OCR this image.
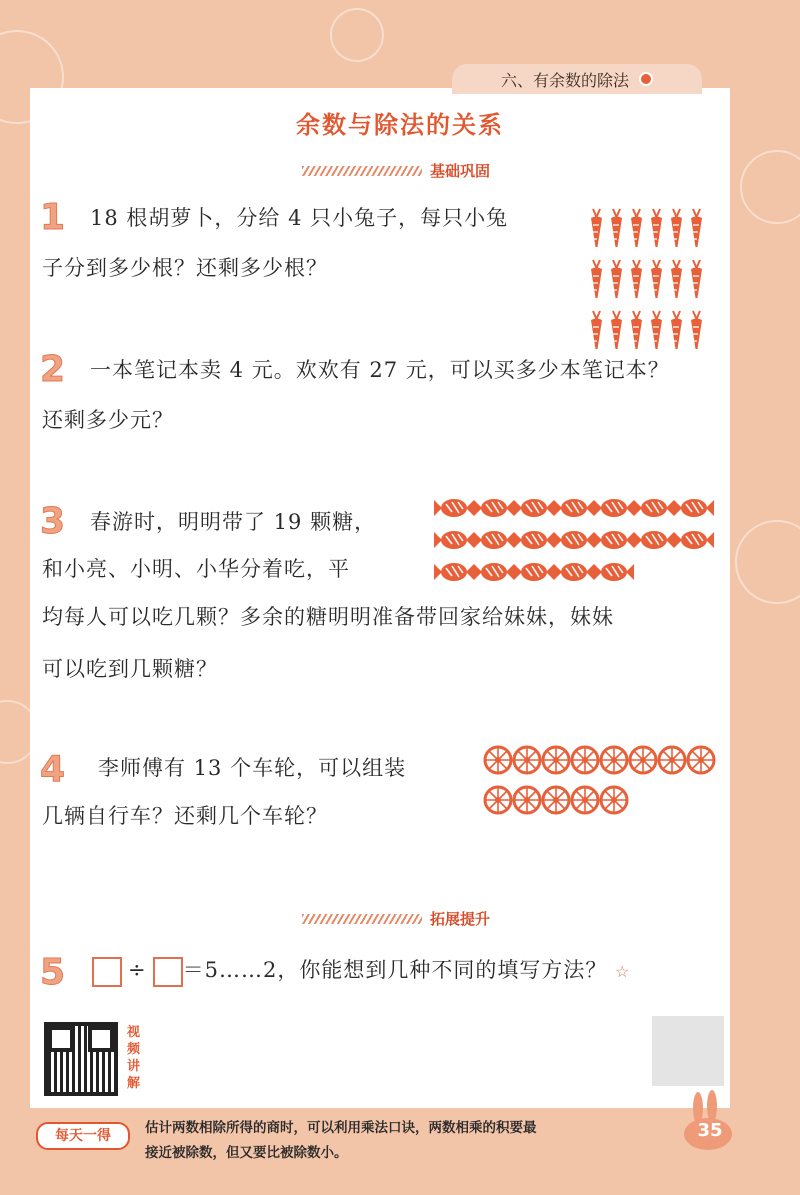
六、有余数的除法
余数与除法的关系
基础巩固
1 18 根胡萝卜，分给 4 只小兔子，每只小兔
子分到多少根？还剩多少根？
2 一本笔记本卖 4 元。欢欢有 27 元，可以买多少本笔记本？
还剩多少元？
3 春游时，明明带了 19 颗糖，
和小亮、小明、小华分着吃，平
均每人可以吃几颗？多余的糖明明准备带回家给妹妹，妹妹
可以吃到几颗糖？
4 李师傅有 13 个车轮，可以组装
几辆自行车？还剩几个车轮？
拓展提升
5	÷ ＝5……2，你能想到几种不同的填写方法？ ☆
视频讲解
每天一得	估计两数相除所得的商时，可以利用乘法口诀，两数相乘的积要最
接近被除数，但又要比被除数小。
35
